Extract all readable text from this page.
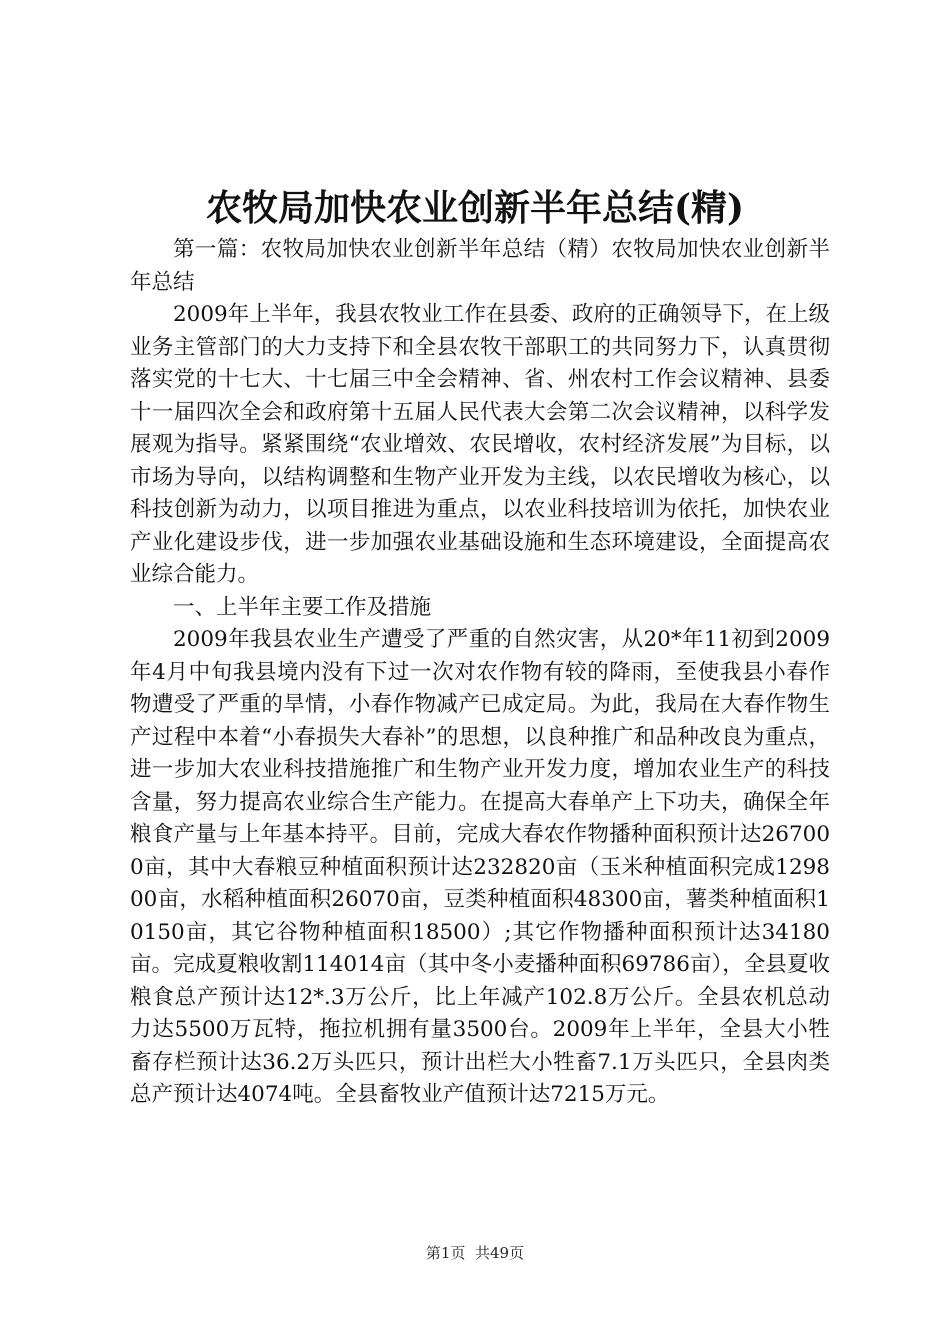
农牧局加快农业创新半年总结(精)

第一篇：农牧局加快农业创新半年总结（精）农牧局加快农业创新半年总结

2009年上半年，我县农牧业工作在县委、政府的正确领导下，在上级业务主管部门的大力支持下和全县农牧干部职工的共同努力下，认真贯彻落实党的十七大、十七届三中全会精神、省、州农村工作会议精神、县委十一届四次全会和政府第十五届人民代表大会第二次会议精神，以科学发展观为指导。紧紧围绕“农业增效、农民增收，农村经济发展”为目标，以市场为导向，以结构调整和生物产业开发为主线，以农民增收为核心，以科技创新为动力，以项目推进为重点，以农业科技培训为依托，加快农业产业化建设步伐，进一步加强农业基础设施和生态环境建设，全面提高农业综合能力。

一、上半年主要工作及措施

2009年我县农业生产遭受了严重的自然灾害，从20*年11初到2009年4月中旬我县境内没有下过一次对农作物有较的降雨，至使我县小春作物遭受了严重的旱情，小春作物减产已成定局。为此，我局在大春作物生产过程中本着“小春损失大春补”的思想，以良种推广和品种改良为重点，进一步加大农业科技措施推广和生物产业开发力度，增加农业生产的科技含量，努力提高农业综合生产能力。在提高大春单产上下功夫，确保全年粮食产量与上年基本持平。目前，完成大春农作物播种面积预计达267000亩，其中大春粮豆种植面积预计达232820亩（玉米种植面积完成129800亩，水稻种植面积26070亩，豆类种植面积48300亩，薯类种植面积10150亩，其它谷物种植面积18500）;其它作物播种面积预计达34180亩。完成夏粮收割114014亩（其中冬小麦播种面积69786亩），全县夏收粮食总产预计达12*.3万公斤，比上年减产102.8万公斤。全县农机总动力达5500万瓦特，拖拉机拥有量3500台。2009年上半年，全县大小牲畜存栏预计达36.2万头匹只，预计出栏大小牲畜7.1万头匹只，全县肉类总产预计达4074吨。全县畜牧业产值预计达7215万元。

第1页  共49页
